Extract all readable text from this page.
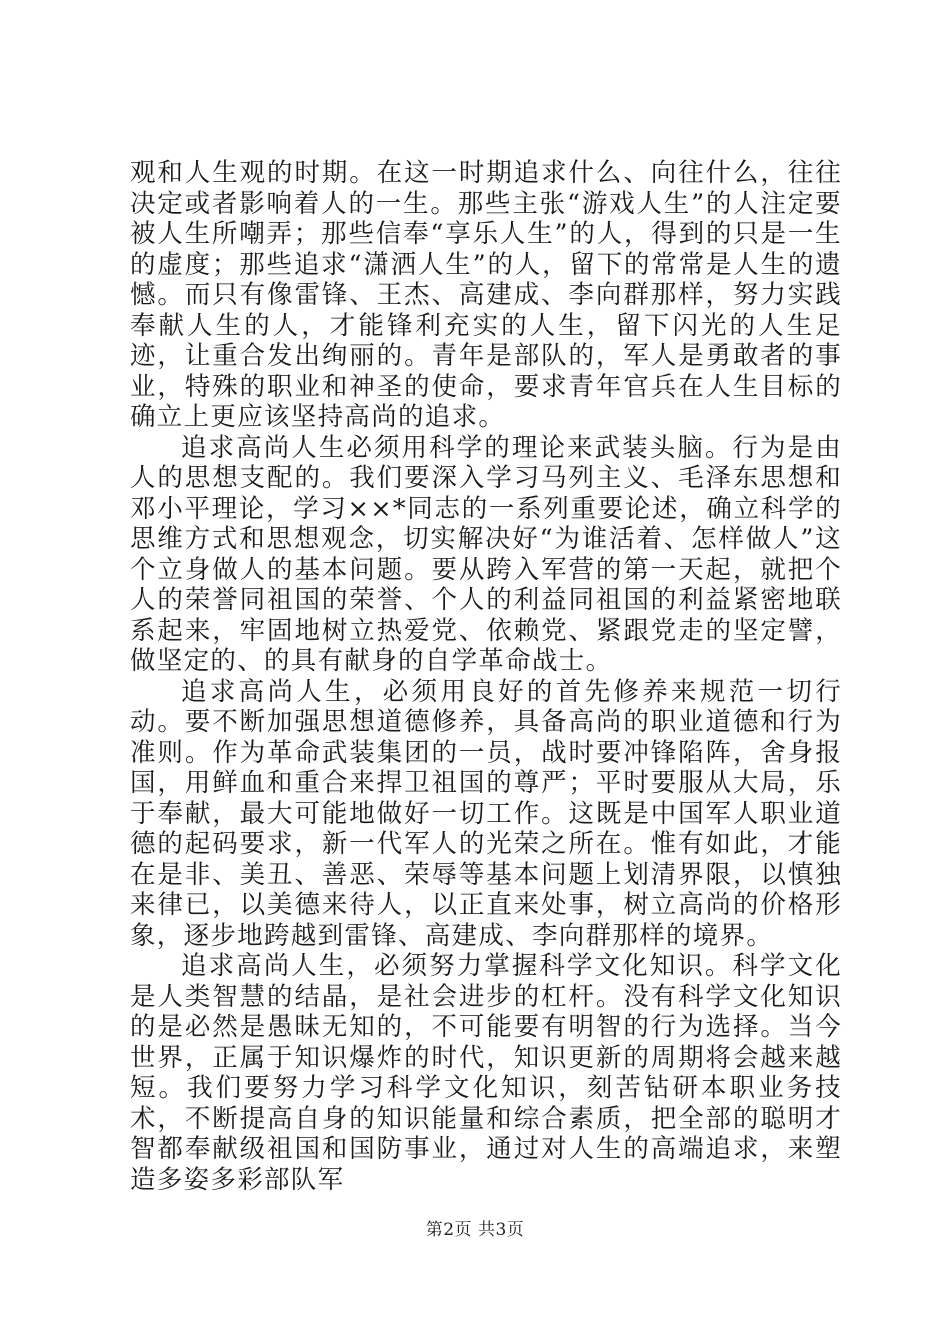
观和人生观的时期。在这一时期追求什么、向往什么，往往决定或者影响着人的一生。那些主张“游戏人生”的人注定要被人生所嘲弄；那些信奉“享乐人生”的人，得到的只是一生的虚度；那些追求“潇洒人生”的人，留下的常常是人生的遗憾。而只有像雷锋、王杰、高建成、李向群那样，努力实践奉献人生的人，才能锋利充实的人生，留下闪光的人生足迹，让重合发出绚丽的。青年是部队的，军人是勇敢者的事业，特殊的职业和神圣的使命，要求青年官兵在人生目标的确立上更应该坚持高尚的追求。

追求高尚人生必须用科学的理论来武装头脑。行为是由人的思想支配的。我们要深入学习马列主义、毛泽东思想和邓小平理论，学习××*同志的一系列重要论述，确立科学的思维方式和思想观念，切实解决好“为谁活着、怎样做人”这个立身做人的基本问题。要从跨入军营的第一天起，就把个人的荣誉同祖国的荣誉、个人的利益同祖国的利益紧密地联系起来，牢固地树立热爱党、依赖党、紧跟党走的坚定譬，做坚定的、的具有献身的自学革命战士。

追求高尚人生，必须用良好的首先修养来规范一切行动。要不断加强思想道德修养，具备高尚的职业道德和行为准则。作为革命武装集团的一员，战时要冲锋陷阵，舍身报国，用鲜血和重合来捍卫祖国的尊严；平时要服从大局，乐于奉献，最大可能地做好一切工作。这既是中国军人职业道德的起码要求，新一代军人的光荣之所在。惟有如此，才能在是非、美丑、善恶、荣辱等基本问题上划清界限，以慎独来律已，以美德来待人，以正直来处事，树立高尚的价格形象，逐步地跨越到雷锋、高建成、李向群那样的境界。

追求高尚人生，必须努力掌握科学文化知识。科学文化是人类智慧的结晶，是社会进步的杠杆。没有科学文化知识的是必然是愚昧无知的，不可能要有明智的行为选择。当今世界，正属于知识爆炸的时代，知识更新的周期将会越来越短。我们要努力学习科学文化知识，刻苦钻研本职业务技术，不断提高自身的知识能量和综合素质，把全部的聪明才智都奉献级祖国和国防事业，通过对人生的高端追求，来塑造多姿多彩部队军

第2页 共3页
